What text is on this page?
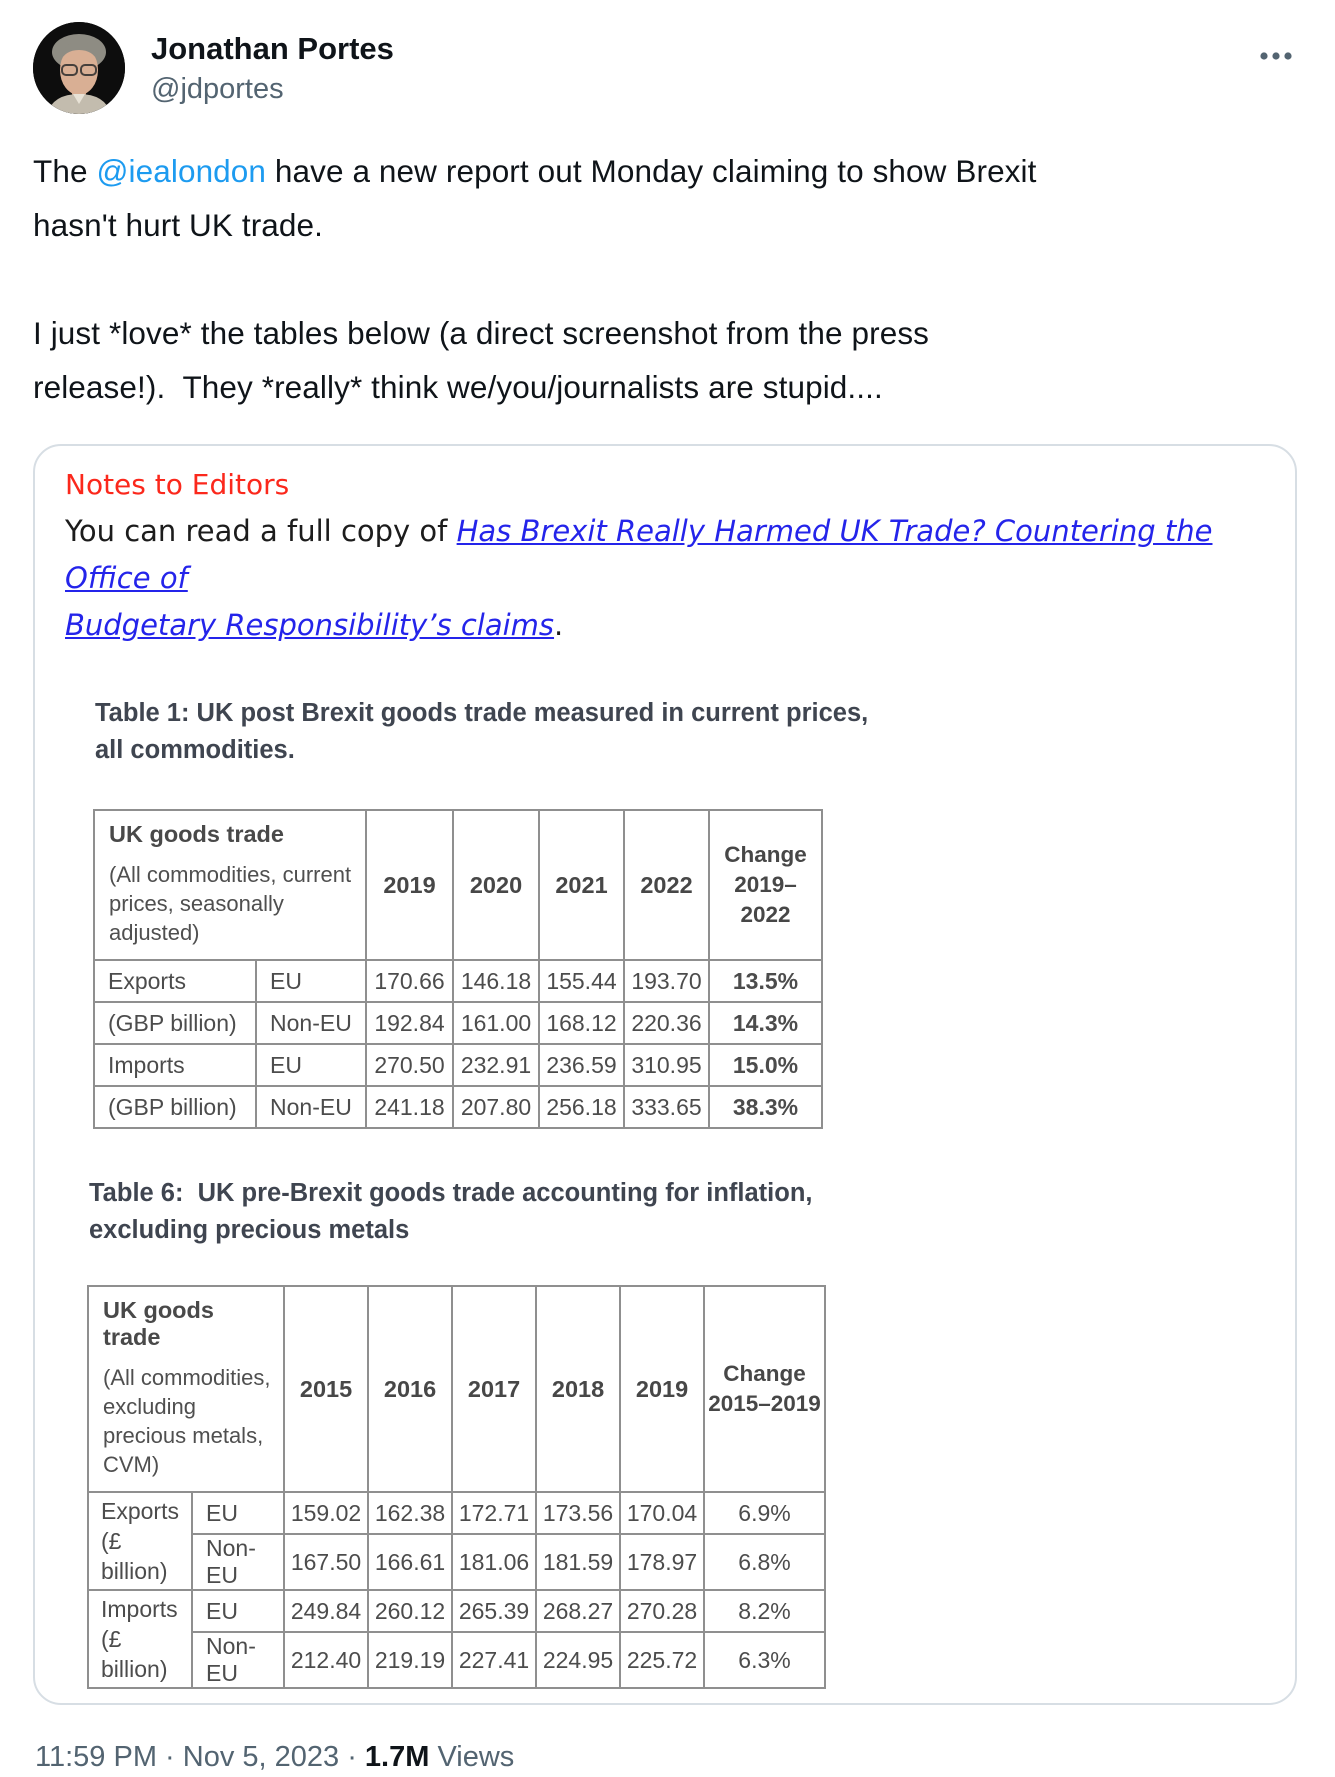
Jonathan Portes
@jdportes
The @iealondon have a new report out Monday claiming to show Brexit
hasn't hurt UK trade.
I just *love* the tables below (a direct screenshot from the press
release!).  They *really* think we/you/journalists are stupid....
Notes to Editors
You can read a full copy of Has Brexit Really Harmed UK Trade? Countering the Office of
Budgetary Responsibility’s claims.
Table 1: UK post Brexit goods trade measured in current prices,
all commodities.
UK goods trade
(All commodities, current prices, seasonally adjusted)
	2019	2020	2021	2022	Change
2019–2022
Exports	EU	170.66	146.18	155.44	193.70	13.5%
(GBP billion)	Non-EU	192.84	161.00	168.12	220.36	14.3%
Imports	EU	270.50	232.91	236.59	310.95	15.0%
(GBP billion)	Non-EU	241.18	207.80	256.18	333.65	38.3%
Table 6:  UK pre-Brexit goods trade accounting for inflation,
excluding precious metals
UK goods trade
(All commodities, excluding precious metals, CVM)
	2015	2016	2017	2018	2019	Change
2015–2019
Exports
(£ billion)	EU	159.02	162.38	172.71	173.56	170.04	6.9%
	Non-EU	167.50	166.61	181.06	181.59	178.97	6.8%
Imports
(£ billion)	EU	249.84	260.12	265.39	268.27	270.28	8.2%
	Non-EU	212.40	219.19	227.41	224.95	225.72	6.3%
11:59 PM · Nov 5, 2023 · 1.7M Views
